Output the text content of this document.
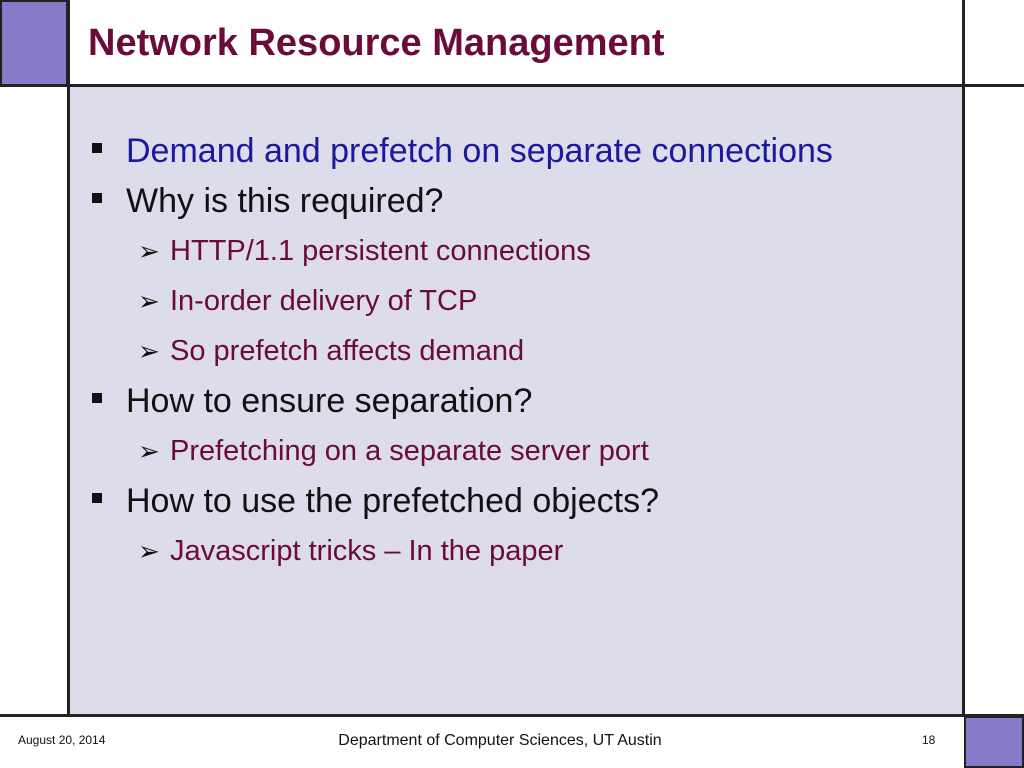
Network Resource Management
Demand and prefetch on separate connections
Why is this required?
➢ HTTP/1.1 persistent connections
➢ In-order delivery of TCP
➢ So prefetch affects demand
How to ensure separation?
➢ Prefetching on a separate server port
How to use the prefetched objects?
➢ Javascript tricks – In the paper
August 20, 2014	Department of Computer Sciences, UT Austin	18
